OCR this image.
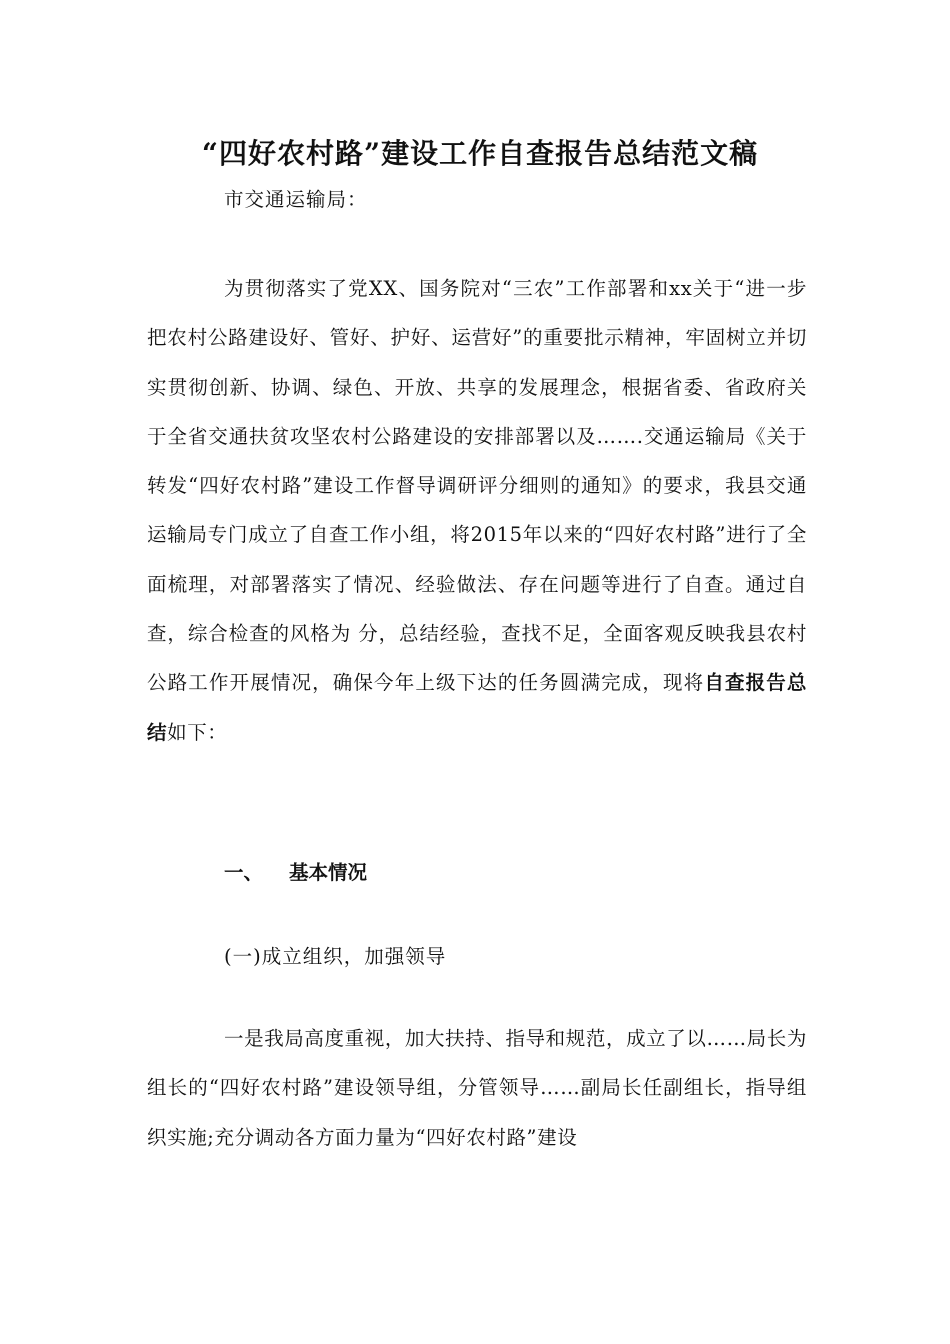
“四好农村路”建设工作自查报告总结范文稿
市交通运输局：

为贯彻落实了党XX、国务院对“三农”工作部署和xx关于“进一步把农村公路建设好、管好、护好、运营好”的重要批示精神，牢固树立并切实贯彻创新、协调、绿色、开放、共享的发展理念，根据省委、省政府关于全省交通扶贫攻坚农村公路建设的安排部署以及…….交通运输局《关于转发“四好农村路”建设工作督导调研评分细则的通知》的要求，我县交通运输局专门成立了自查工作小组，将2015年以来的“四好农村路”进行了全面梳理，对部署落实了情况、经验做法、存在问题等进行了自查。通过自查，综合检查的风格为 分，总结经验，查找不足，全面客观反映我县农村公路工作开展情况，确保今年上级下达的任务圆满完成，现将自查报告总结如下：

一、 基本情况
(一)成立组织，加强领导

一是我局高度重视，加大扶持、指导和规范，成立了以……局长为组长的“四好农村路”建设领导组，分管领导……副局长任副组长，指导组织实施;充分调动各方面力量为“四好农村路”建设
